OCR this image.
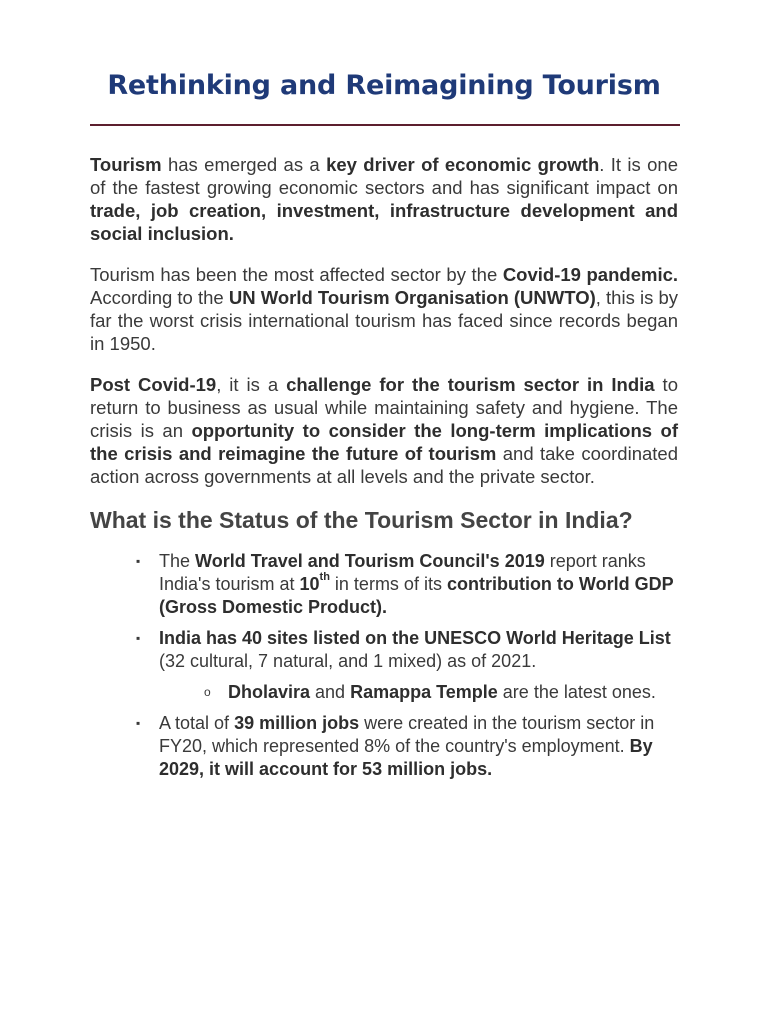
Rethinking and Reimagining Tourism

Tourism has emerged as a key driver of economic growth. It is one of the fastest growing economic sectors and has significant impact on trade, job creation, investment, infrastructure development and social inclusion.

Tourism has been the most affected sector by the Covid-19 pandemic. According to the UN World Tourism Organisation (UNWTO), this is by far the worst crisis international tourism has faced since records began in 1950.

Post Covid-19, it is a challenge for the tourism sector in India to return to business as usual while maintaining safety and hygiene. The crisis is an opportunity to consider the long-term implications of the crisis and reimagine the future of tourism and take coordinated action across governments at all levels and the private sector.

What is the Status of the Tourism Sector in India?
▪ The World Travel and Tourism Council's 2019 report ranks India's tourism at 10th in terms of its contribution to World GDP (Gross Domestic Product).
▪ India has 40 sites listed on the UNESCO World Heritage List (32 cultural, 7 natural, and 1 mixed) as of 2021.
o Dholavira and Ramappa Temple are the latest ones.
▪ A total of 39 million jobs were created in the tourism sector in FY20, which represented 8% of the country's employment. By 2029, it will account for 53 million jobs.
